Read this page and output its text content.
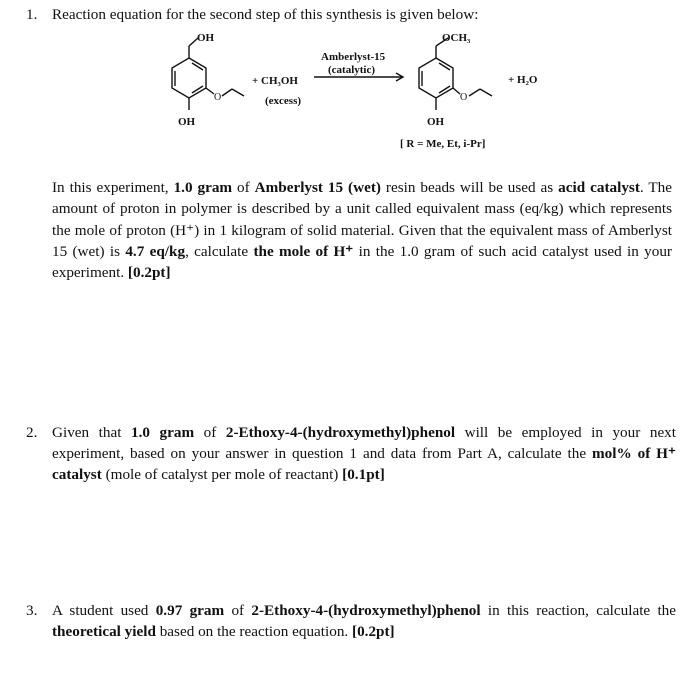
1. Reaction equation for the second step of this synthesis is given below:
OH
OH
O
+ CH₃OH
(excess)
Amberlyst-15
(catalytic)
OCH₃
OH
O
+ H₂O
[ R = Me, Et, i-Pr]
In this experiment, 1.0 gram of Amberlyst 15 (wet) resin beads will be used as acid catalyst. The amount of proton in polymer is described by a unit called equivalent mass (eq/kg) which represents the mole of proton (H⁺) in 1 kilogram of solid material. Given that the equivalent mass of Amberlyst 15 (wet) is 4.7 eq/kg, calculate the mole of H⁺ in the 1.0 gram of such acid catalyst used in your experiment. [0.2pt]
2. Given that 1.0 gram of 2-Ethoxy-4-(hydroxymethyl)phenol will be employed in your next experiment, based on your answer in question 1 and data from Part A, calculate the mol% of H⁺ catalyst (mole of catalyst per mole of reactant) [0.1pt]
3. A student used 0.97 gram of 2-Ethoxy-4-(hydroxymethyl)phenol in this reaction, calculate the theoretical yield based on the reaction equation. [0.2pt]
